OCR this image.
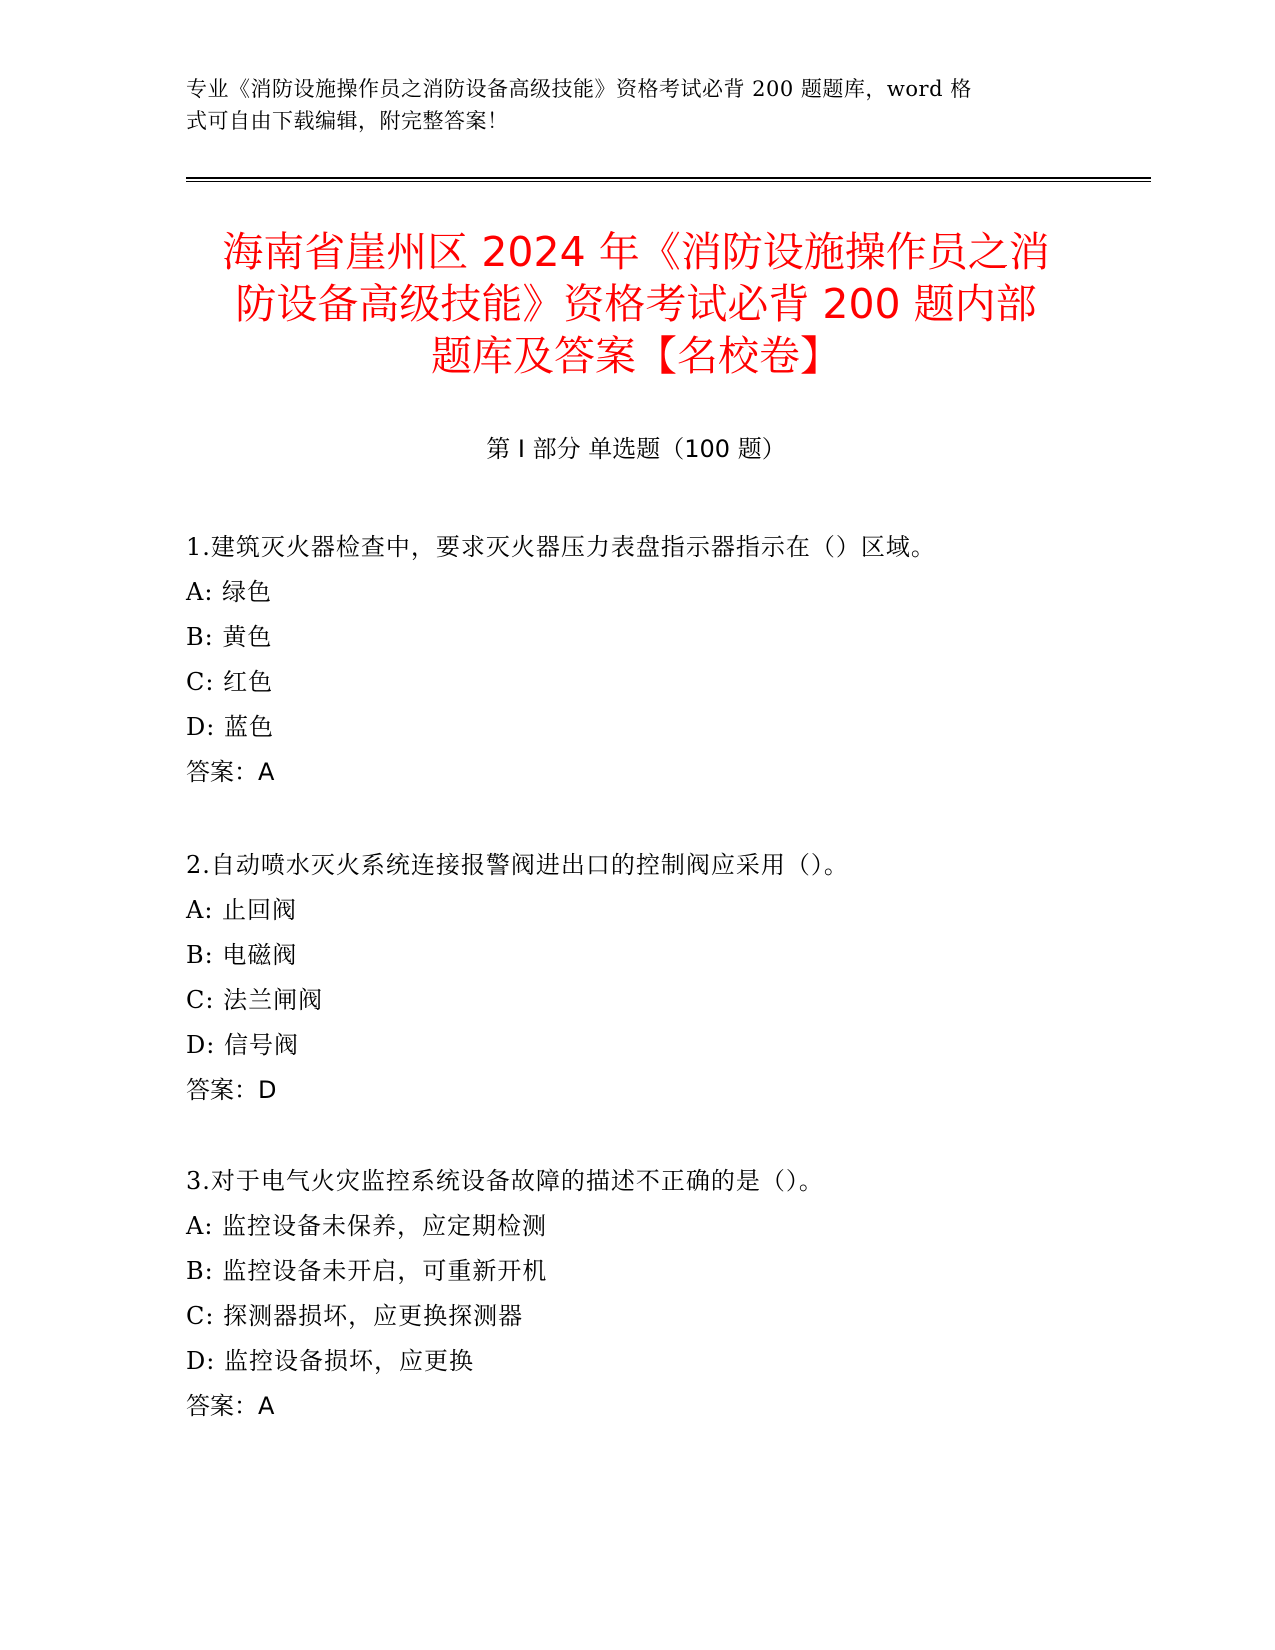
专业《消防设施操作员之消防设备高级技能》资格考试必背 200 题题库，word 格
式可自由下载编辑，附完整答案！
海南省崖州区 2024 年《消防设施操作员之消
防设备高级技能》资格考试必背 200 题内部
题库及答案【名校卷】
第 I 部分 单选题（100 题）
1.建筑灭火器检查中，要求灭火器压力表盘指示器指示在（）区域。
A: 绿色
B: 黄色
C: 红色
D: 蓝色
答案：A
2.自动喷水灭火系统连接报警阀进出口的控制阀应采用（）。
A: 止回阀
B: 电磁阀
C: 法兰闸阀
D: 信号阀
答案：D
3.对于电气火灾监控系统设备故障的描述不正确的是（）。
A: 监控设备未保养，应定期检测
B: 监控设备未开启，可重新开机
C: 探测器损坏，应更换探测器
D: 监控设备损坏，应更换
答案：A
